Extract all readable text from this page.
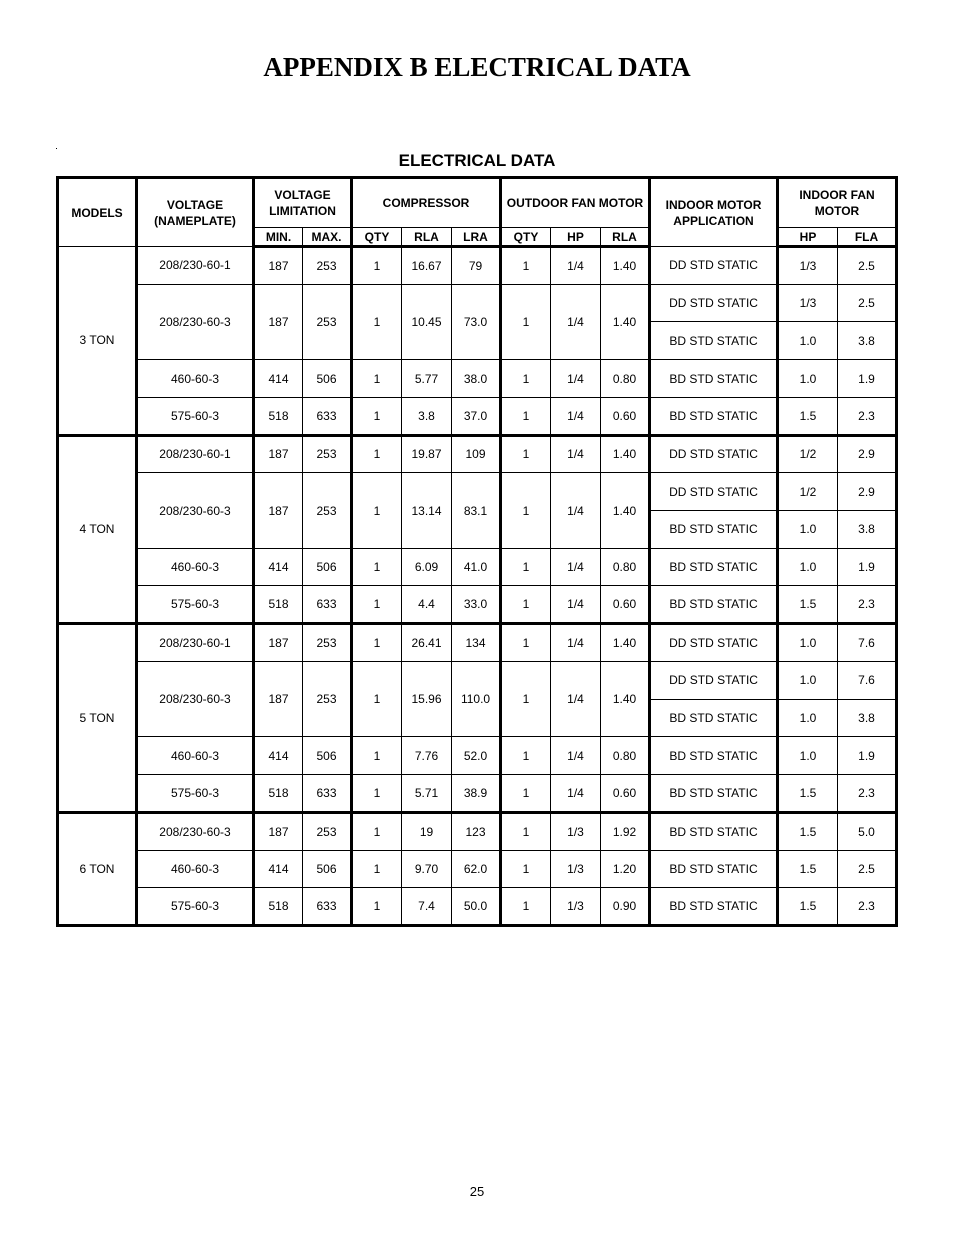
APPENDIX B ELECTRICAL DATA
ELECTRICAL DATA
MODELS	VOLTAGE (NAMEPLATE)	VOLTAGE LIMITATION		COMPRESSOR			OUTDOOR FAN MOTOR			INDOOR MOTOR APPLICATION	INDOOR FAN MOTOR	
		MIN.	MAX.	QTY	RLA	LRA	QTY	HP	RLA		HP	FLA
3 TON	208/230-60-1	187	253	1	16.67	79	1	1/4	1.40	DD STD STATIC	1/3	2.5
	208/230-60-3	187	253	1	10.45	73.0	1	1/4	1.40	DD STD STATIC	1/3	2.5
										BD STD STATIC	1.0	3.8
	460-60-3	414	506	1	5.77	38.0	1	1/4	0.80	BD STD STATIC	1.0	1.9
	575-60-3	518	633	1	3.8	37.0	1	1/4	0.60	BD STD STATIC	1.5	2.3
4 TON	208/230-60-1	187	253	1	19.87	109	1	1/4	1.40	DD STD STATIC	1/2	2.9
	208/230-60-3	187	253	1	13.14	83.1	1	1/4	1.40	DD STD STATIC	1/2	2.9
										BD STD STATIC	1.0	3.8
	460-60-3	414	506	1	6.09	41.0	1	1/4	0.80	BD STD STATIC	1.0	1.9
	575-60-3	518	633	1	4.4	33.0	1	1/4	0.60	BD STD STATIC	1.5	2.3
5 TON	208/230-60-1	187	253	1	26.41	134	1	1/4	1.40	DD STD STATIC	1.0	7.6
	208/230-60-3	187	253	1	15.96	110.0	1	1/4	1.40	DD STD STATIC	1.0	7.6
										BD STD STATIC	1.0	3.8
	460-60-3	414	506	1	7.76	52.0	1	1/4	0.80	BD STD STATIC	1.0	1.9
	575-60-3	518	633	1	5.71	38.9	1	1/4	0.60	BD STD STATIC	1.5	2.3
6 TON	208/230-60-3	187	253	1	19	123	1	1/3	1.92	BD STD STATIC	1.5	5.0
	460-60-3	414	506	1	9.70	62.0	1	1/3	1.20	BD STD STATIC	1.5	2.5
	575-60-3	518	633	1	7.4	50.0	1	1/3	0.90	BD STD STATIC	1.5	2.3
25
